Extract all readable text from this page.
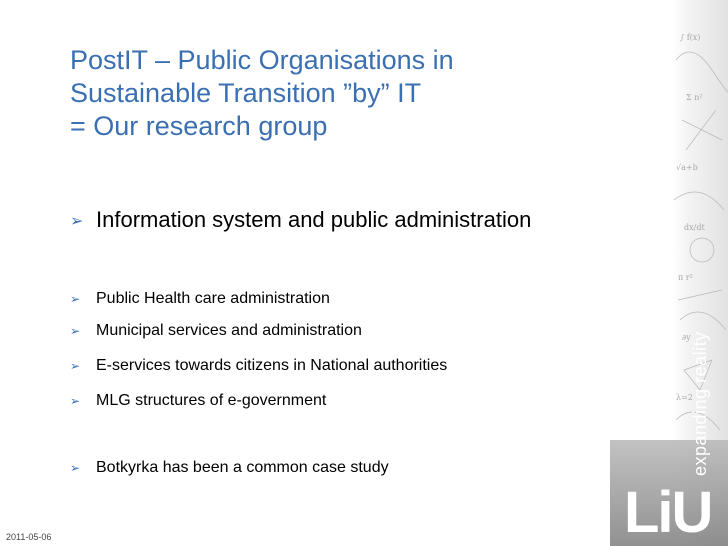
PostIT – Public Organisations in
Sustainable Transition ”by” IT
= Our research group
➢ Information system and public administration
➢ Public Health care administration
➢ Municipal services and administration
➢ E-services towards citizens in National authorities
➢ MLG structures of e-government
➢ Botkyrka has been a common case study
∫ f(x)
Σ n²
√a+b
dx/dt
π r²
∂y
λ=2
LiU
expanding reality
2011-05-06
